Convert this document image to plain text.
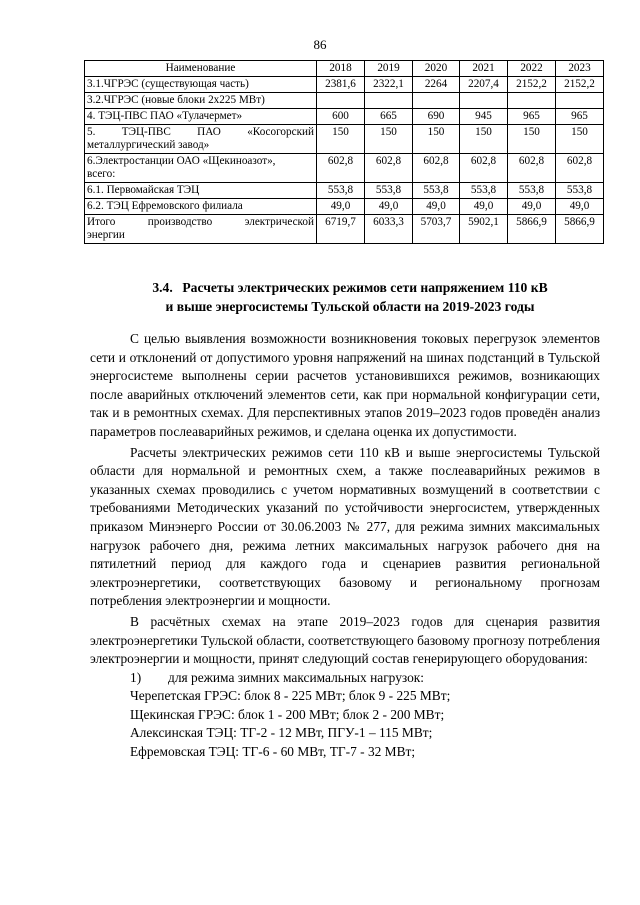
86
Наименование	2018	2019	2020	2021	2022	2023
3.1.ЧГРЭС (существующая часть)	2381,6	2322,1	2264	2207,4	2152,2	2152,2
3.2.ЧГРЭС (новые блоки 2х225 МВт)						
4. ТЭЦ-ПВС ПАО «Тулачермет»	600	665	690	945	965	965

5. ТЭЦ-ПВС ПАО «Косогорский
металлургический завод»	150	150	150	150	150	150

6.Электростанции ОАО «Щекиноазот»,
всего:	602,8	602,8	602,8	602,8	602,8	602,8
6.1. Первомайская ТЭЦ	553,8	553,8	553,8	553,8	553,8	553,8
6.2. ТЭЦ Ефремовского филиала	49,0	49,0	49,0	49,0	49,0	49,0

Итого производство электрической
энергии	6719,7	6033,3	5703,7	5902,1	5866,9	5866,9
3.4. Расчеты электрических режимов сети напряжением 110 кВ
и выше энергосистемы Тульской области на 2019-2023 годы

С целью выявления возможности возникновения токовых перегрузок элементов сети и отклонений от допустимого уровня напряжений на шинах подстанций в Тульской энергосистеме выполнены серии расчетов установившихся режимов, возникающих после аварийных отключений элементов сети, как при нормальной конфигурации сети, так и в ремонтных схемах. Для перспективных этапов 2019–2023 годов проведён анализ параметров послеаварийных режимов, и сделана оценка их допустимости.

Расчеты электрических режимов сети 110 кВ и выше энергосистемы Тульской области для нормальной и ремонтных схем, а также послеаварийных режимов в указанных схемах проводились с учетом нормативных возмущений в соответствии с требованиями Методических указаний по устойчивости энергосистем, утвержденных приказом Минэнерго России от 30.06.2003 № 277, для режима зимних максимальных нагрузок рабочего дня, режима летних максимальных нагрузок рабочего дня на пятилетний период для каждого года и сценариев развития региональной электроэнергетики, соответствующих базовому и региональному прогнозам потребления электроэнергии и мощности.

В расчётных схемах на этапе 2019–2023 годов для сценария развития электроэнергетики Тульской области, соответствующего базовому прогнозу потребления электроэнергии и мощности, принят следующий состав генерирующего оборудования:

1) для режима зимних максимальных нагрузок:
Черепетская ГРЭС: блок 8 - 225 МВт; блок 9 - 225 МВт;
Щекинская ГРЭС: блок 1 - 200 МВт; блок 2 - 200 МВт;
Алексинская ТЭЦ: ТГ-2 - 12 МВт, ПГУ-1 – 115 МВт;
Ефремовская ТЭЦ: ТГ-6 - 60 МВт, ТГ-7 - 32 МВт;
